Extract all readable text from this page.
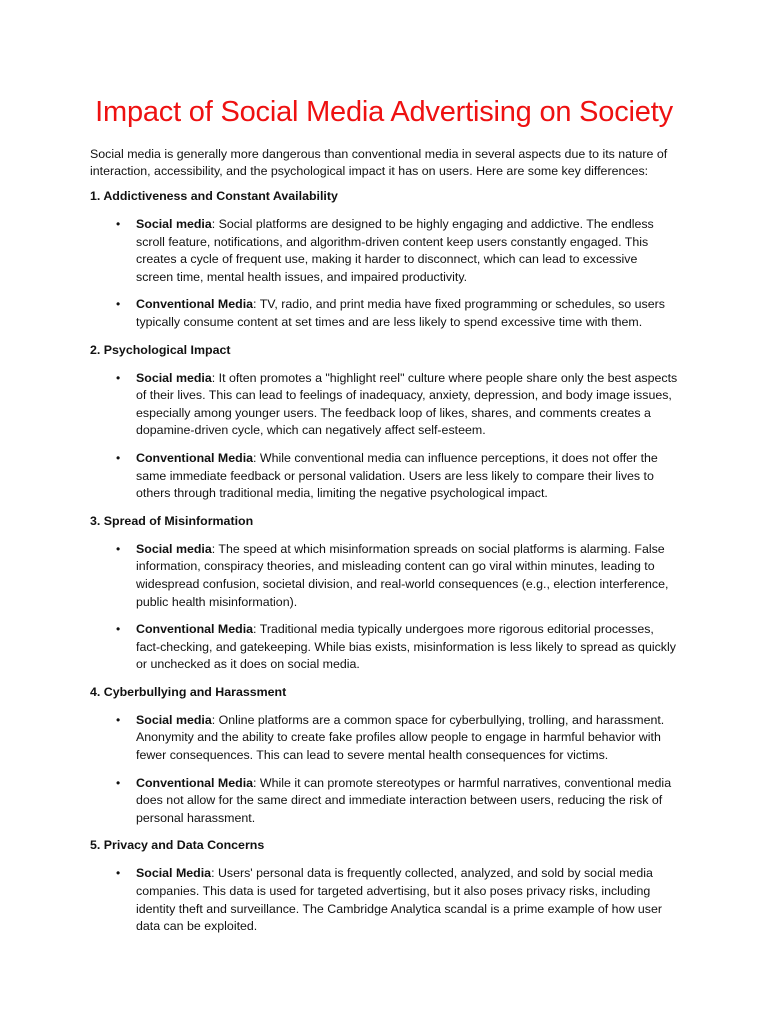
Impact of Social Media Advertising on Society

Social media is generally more dangerous than conventional media in several aspects due to its nature of interaction, accessibility, and the psychological impact it has on users. Here are some key differences:

1. Addictiveness and Constant Availability

• Social media: Social platforms are designed to be highly engaging and addictive. The endless scroll feature, notifications, and algorithm-driven content keep users constantly engaged. This creates a cycle of frequent use, making it harder to disconnect, which can lead to excessive screen time, mental health issues, and impaired productivity.
• Conventional Media: TV, radio, and print media have fixed programming or schedules, so users typically consume content at set times and are less likely to spend excessive time with them.

2. Psychological Impact

• Social media: It often promotes a "highlight reel" culture where people share only the best aspects of their lives. This can lead to feelings of inadequacy, anxiety, depression, and body image issues, especially among younger users. The feedback loop of likes, shares, and comments creates a dopamine-driven cycle, which can negatively affect self-esteem.
• Conventional Media: While conventional media can influence perceptions, it does not offer the same immediate feedback or personal validation. Users are less likely to compare their lives to others through traditional media, limiting the negative psychological impact.

3. Spread of Misinformation

• Social media: The speed at which misinformation spreads on social platforms is alarming. False information, conspiracy theories, and misleading content can go viral within minutes, leading to widespread confusion, societal division, and real-world consequences (e.g., election interference, public health misinformation).
• Conventional Media: Traditional media typically undergoes more rigorous editorial processes, fact-checking, and gatekeeping. While bias exists, misinformation is less likely to spread as quickly or unchecked as it does on social media.

4. Cyberbullying and Harassment

• Social media: Online platforms are a common space for cyberbullying, trolling, and harassment. Anonymity and the ability to create fake profiles allow people to engage in harmful behavior with fewer consequences. This can lead to severe mental health consequences for victims.
• Conventional Media: While it can promote stereotypes or harmful narratives, conventional media does not allow for the same direct and immediate interaction between users, reducing the risk of personal harassment.

5. Privacy and Data Concerns

• Social Media: Users' personal data is frequently collected, analyzed, and sold by social media companies. This data is used for targeted advertising, but it also poses privacy risks, including identity theft and surveillance. The Cambridge Analytica scandal is a prime example of how user data can be exploited.
